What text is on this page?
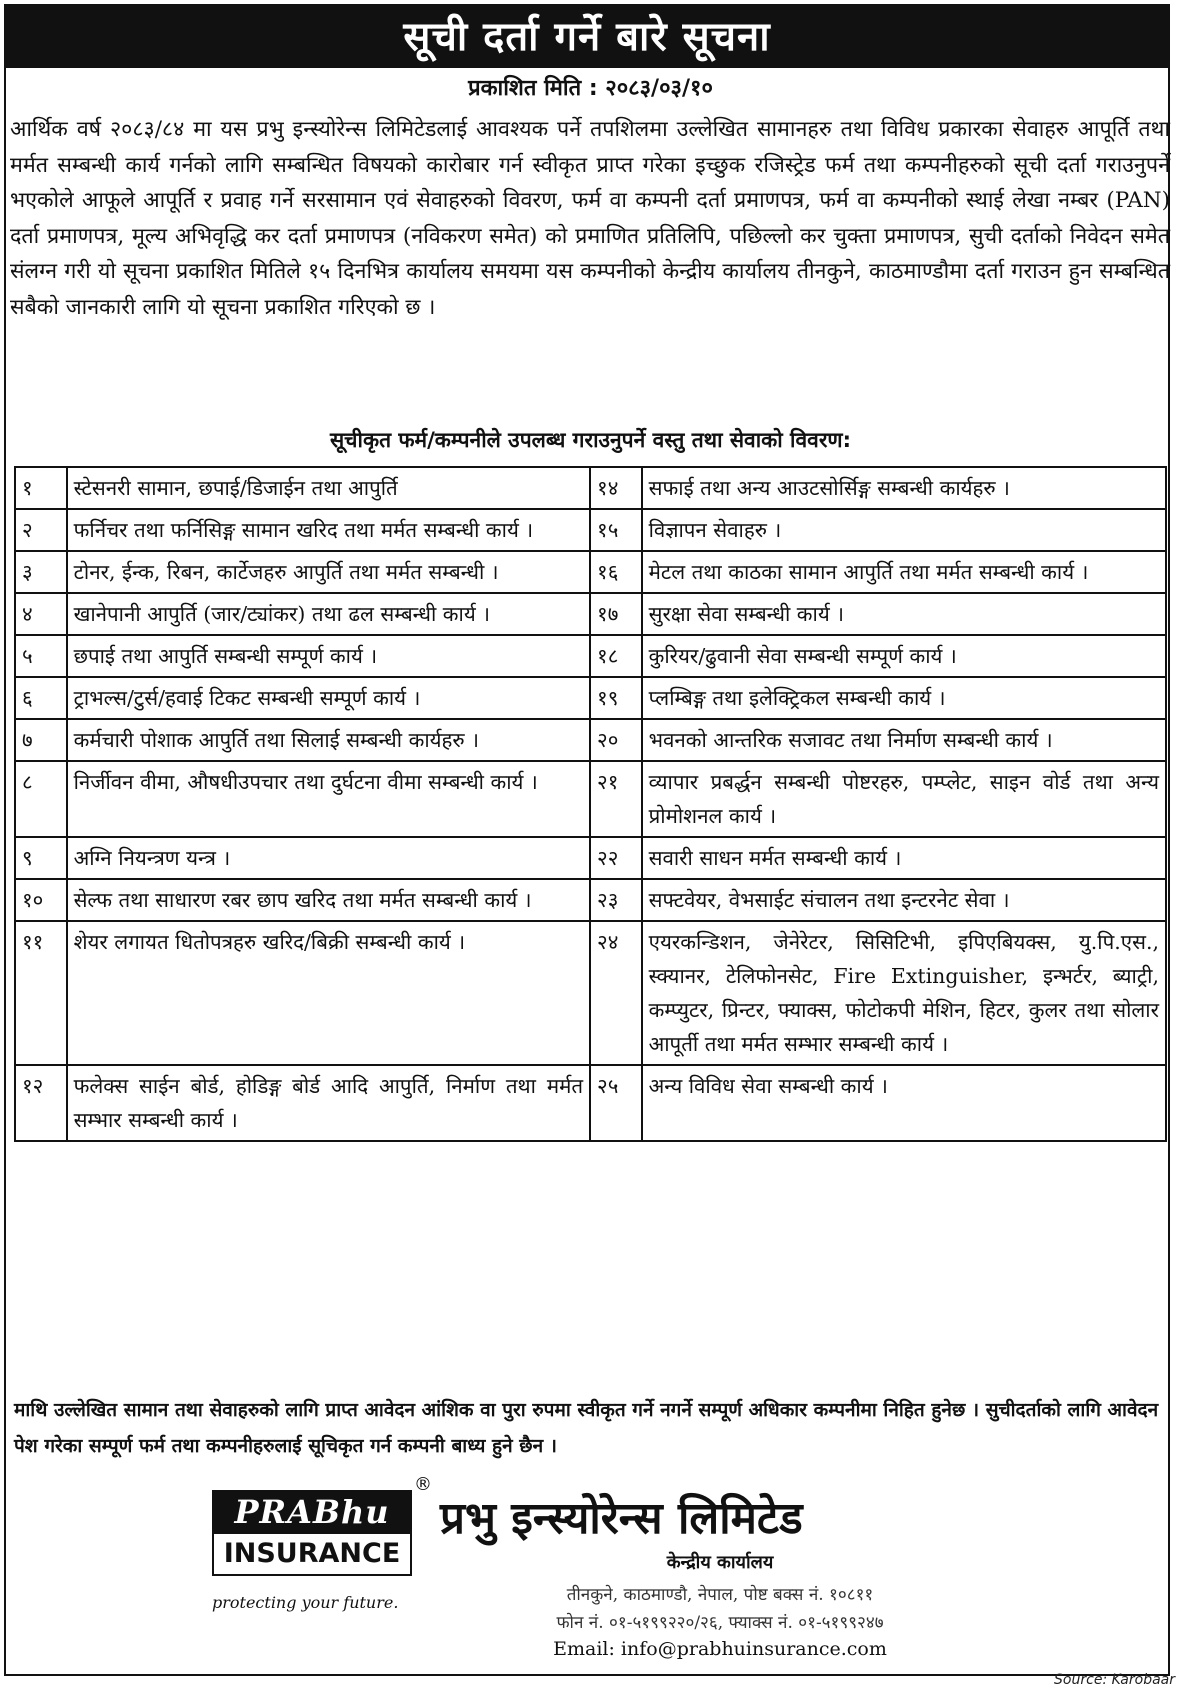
सूची दर्ता गर्ने बारे सूचना
प्रकाशित मिति : २०८३/०३/१०
आर्थिक वर्ष २०८३/८४ मा यस प्रभु इन्स्योरेन्स लिमिटेडलाई आवश्यक पर्ने तपशिलमा उल्लेखित सामानहरु तथा विविध प्रकारका सेवाहरु आपूर्ति तथा मर्मत सम्बन्धी कार्य गर्नको लागि सम्बन्धित विषयको कारोबार गर्न स्वीकृत प्राप्त गरेका इच्छुक रजिस्ट्रेड फर्म तथा कम्पनीहरुको सूची दर्ता गराउनुपर्ने भएकोले आफूले आपूर्ति र प्रवाह गर्ने सरसामान एवं सेवाहरुको विवरण, फर्म वा कम्पनी दर्ता प्रमाणपत्र, फर्म वा कम्पनीको स्थाई लेखा नम्बर (PAN) दर्ता प्रमाणपत्र, मूल्य अभिवृद्धि कर दर्ता प्रमाणपत्र (नविकरण समेत) को प्रमाणित प्रतिलिपि, पछिल्लो कर चुक्ता प्रमाणपत्र, सुची दर्ताको निवेदन समेत संलग्न गरी यो सूचना प्रकाशित मितिले १५ दिनभित्र कार्यालय समयमा यस कम्पनीको केन्द्रीय कार्यालय तीनकुने, काठमाण्डौमा दर्ता गराउन हुन सम्बन्धित सबैको जानकारी लागि यो सूचना प्रकाशित गरिएको छ ।
सूचीकृत फर्म/कम्पनीले उपलब्ध गराउनुपर्ने वस्तु तथा सेवाको विवरण:
१	स्टेसनरी सामान, छपाई/डिजाईन तथा आपुर्ति	१४	सफाई तथा अन्य आउटसोर्सिङ्ग सम्बन्धी कार्यहरु ।
२	फर्निचर तथा फर्निसिङ्ग सामान खरिद तथा मर्मत सम्बन्धी कार्य ।	१५	विज्ञापन सेवाहरु ।
३	टोनर, ईन्क, रिबन, कार्टेजहरु आपुर्ति तथा मर्मत सम्बन्धी ।	१६	मेटल तथा काठका सामान आपुर्ति तथा मर्मत सम्बन्धी कार्य ।
४	खानेपानी आपुर्ति (जार/ट्यांकर) तथा ढल सम्बन्धी कार्य ।	१७	सुरक्षा सेवा सम्बन्धी कार्य ।
५	छपाई तथा आपुर्ति सम्बन्धी सम्पूर्ण कार्य ।	१८	कुरियर/ढुवानी सेवा सम्बन्धी सम्पूर्ण कार्य ।
६	ट्राभल्स/टुर्स/हवाई टिकट सम्बन्धी सम्पूर्ण कार्य ।	१९	प्लम्बिङ्ग तथा इलेक्ट्रिकल सम्बन्धी कार्य ।
७	कर्मचारी पोशाक आपुर्ति तथा सिलाई सम्बन्धी कार्यहरु ।	२०	भवनको आन्तरिक सजावट तथा निर्माण सम्बन्धी कार्य ।
८	निर्जीवन वीमा, औषधीउपचार तथा दुर्घटना वीमा सम्बन्धी कार्य ।	२१	व्यापार प्रबर्द्धन सम्बन्धी पोष्टरहरु, पम्प्लेट, साइन वोर्ड तथा अन्य प्रोमोशनल कार्य ।
९	अग्नि नियन्त्रण यन्त्र ।	२२	सवारी साधन मर्मत सम्बन्धी कार्य ।
१०	सेल्फ तथा साधारण रबर छाप खरिद तथा मर्मत सम्बन्धी कार्य ।	२३	सफ्टवेयर, वेभसाईट संचालन तथा इन्टरनेट सेवा ।
११	शेयर लगायत धितोपत्रहरु खरिद/बिक्री सम्बन्धी कार्य ।	२४	एयरकन्डिशन, जेनेरेटर, सिसिटिभी, इपिएबियक्स, यु.पि.एस., स्क्यानर, टेलिफोनसेट, Fire Extinguisher, इन्भर्टर, ब्याट्री, कम्प्युटर, प्रिन्टर, फ्याक्स, फोटोकपी मेशिन, हिटर, कुलर तथा सोलार आपूर्ती तथा मर्मत सम्भार सम्बन्धी कार्य ।
१२	फलेक्स साईन बोर्ड, होडिङ्ग बोर्ड आदि आपुर्ति, निर्माण तथा मर्मत सम्भार सम्बन्धी कार्य ।	२५	अन्य विविध सेवा सम्बन्धी कार्य ।
माथि उल्लेखित सामान तथा सेवाहरुको लागि प्राप्त आवेदन आंशिक वा पुरा रुपमा स्वीकृत गर्ने नगर्ने सम्पूर्ण अधिकार कम्पनीमा निहित हुनेछ । सुचीदर्ताको लागि आवेदन पेश गरेका सम्पूर्ण फर्म तथा कम्पनीहरुलाई सूचिकृत गर्न कम्पनी बाध्य हुने छैन ।
PRABhu
INSURANCE
®
protecting your future.
प्रभु इन्स्योरेन्स लिमिटेड
केन्द्रीय कार्यालय
तीनकुने, काठमाण्डौ, नेपाल, पोष्ट बक्स नं. १०८११
फोन नं. ०१-५१९९२२०/२६, फ्याक्स नं. ०१-५१९९२४७
Email: info@prabhuinsurance.com
Source: Karobaar
